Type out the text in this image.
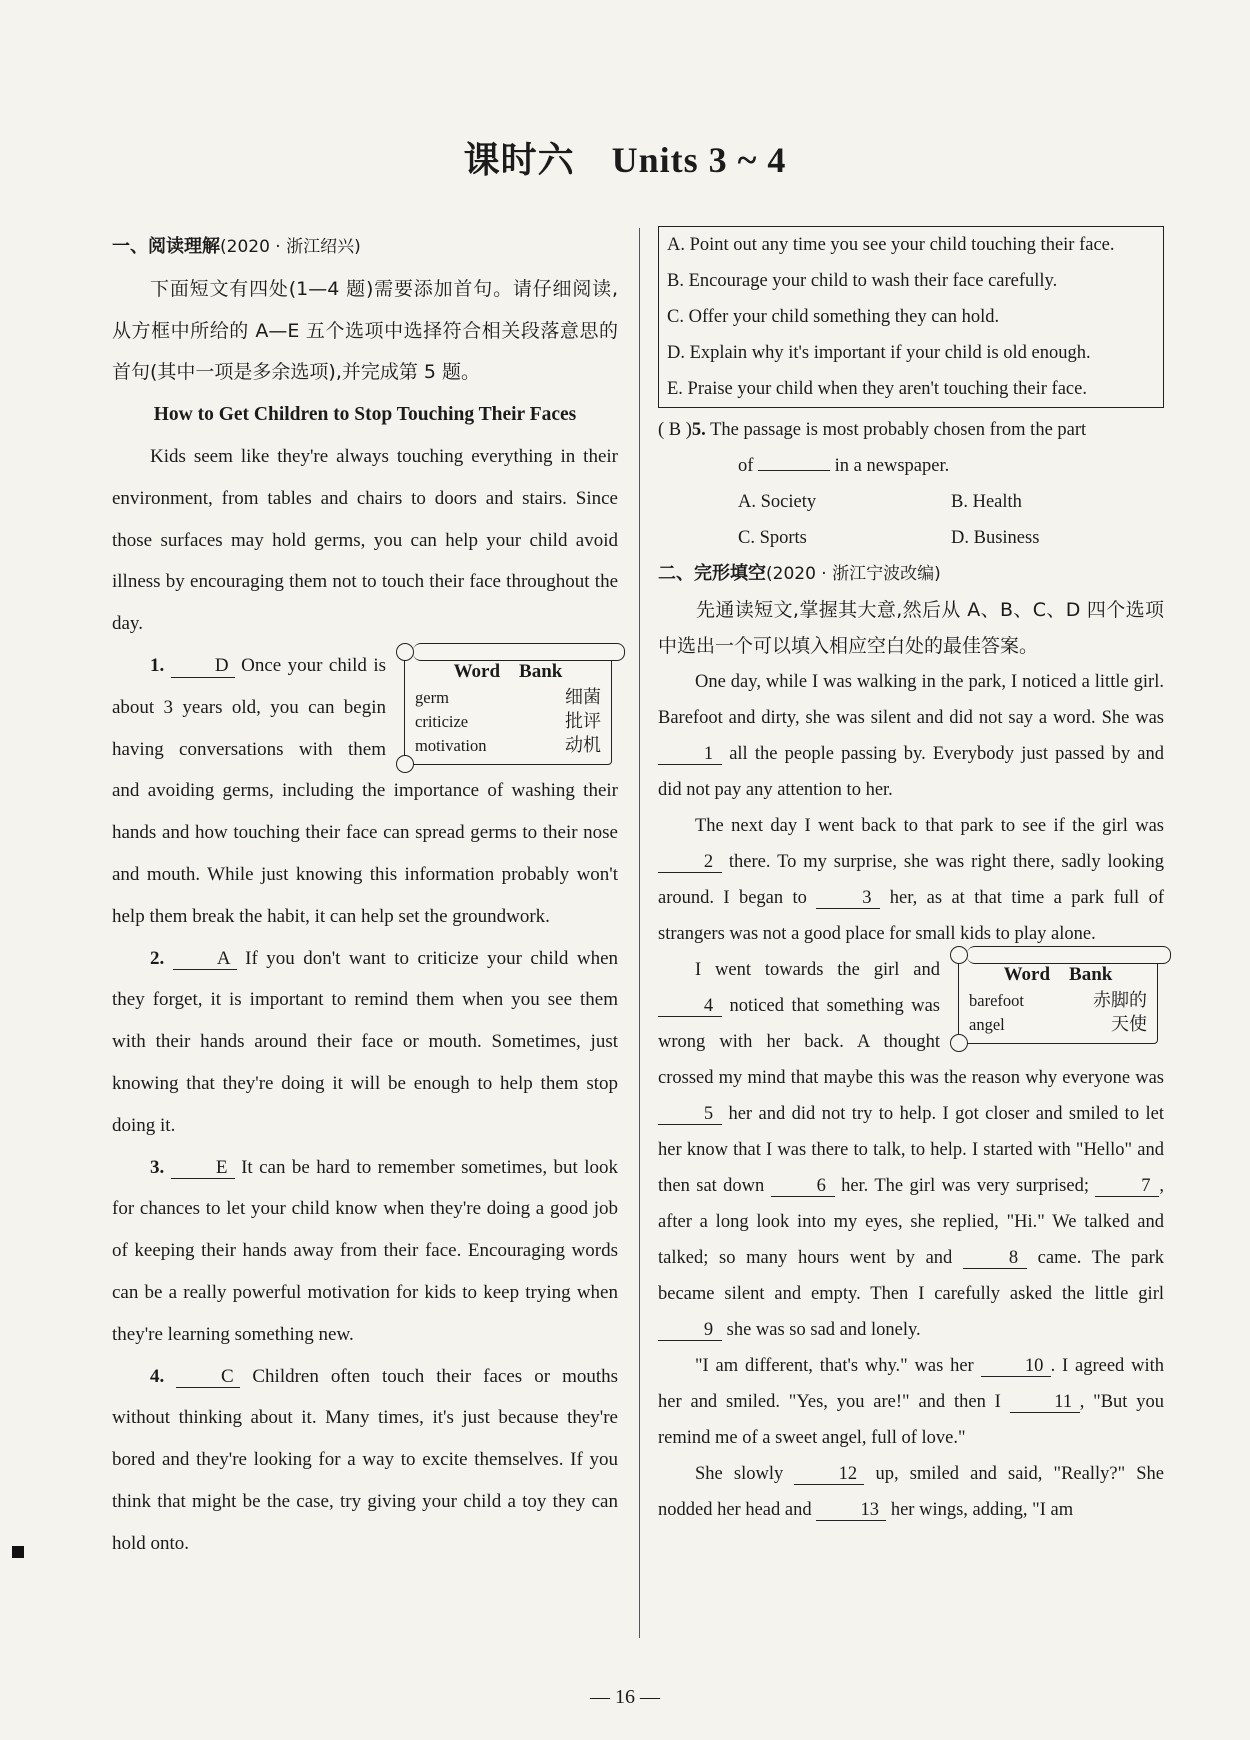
课时六　Units 3 ~ 4

一、阅读理解(2020 · 浙江绍兴)

下面短文有四处(1—4 题)需要添加首句。请仔细阅读,从方框中所给的 A—E 五个选项中选择符合相关段落意思的首句(其中一项是多余选项),并完成第 5 题。

How to Get Children to Stop Touching Their Faces

Kids seem like they're always touching everything in their environment, from tables and chairs to doors and stairs. Since those surfaces may hold germs, you can help your child avoid illness by encouraging them not to touch their face throughout the day.

Word　Bank
germ	细菌
criticize	批评
motivation	动机

1.	D Once your child is about 3 years old, you can begin having conversations with them and avoiding germs, including the importance of washing their hands and how touching their face can spread germs to their nose and mouth. While just knowing this information probably won't help them break the habit, it can help set the groundwork.

2.	A If you don't want to criticize your child when they forget, it is important to remind them when you see them with their hands around their face or mouth. Sometimes, just knowing that they're doing it will be enough to help them stop doing it.

3.	E It can be hard to remember sometimes, but look for chances to let your child know when they're doing a good job of keeping their hands away from their face. Encouraging words can be a really powerful motivation for kids to keep trying when they're learning something new.

4.	C Children often touch their faces or mouths without thinking about it. Many times, it's just because they're bored and they're looking for a way to excite themselves. If you think that might be the case, try giving your child a toy they can hold onto.

A. Point out any time you see your child touching their face.

B. Encourage your child to wash their face carefully.

C. Offer your child something they can hold.

D. Explain why it's important if your child is old enough.

E. Praise your child when they aren't touching their face.

( B )5. The passage is most probably chosen from the part

of	in a newspaper.

A. Society	B. Health
C. Sports	D. Business

二、完形填空(2020 · 浙江宁波改编)

先通读短文,掌握其大意,然后从 A、B、C、D 四个选项中选出一个可以填入相应空白处的最佳答案。

One day, while I was walking in the park, I noticed a little girl. Barefoot and dirty, she was silent and did not say a word. She was 1 all the people passing by. Everybody just passed by and did not pay any attention to her.

The next day I went back to that park to see if the girl was 2 there. To my surprise, she was right there, sadly looking around. I began to	3 her, as at that time a park full of strangers was not a good place for small kids to play alone.

Word　Bank
barefoot	赤脚的
angel	天使

I went towards the girl and 4 noticed that something was wrong with her back. A thought crossed my mind that maybe this was the reason why everyone was 5 her and did not try to help. I got closer and smiled to let her know that I was there to talk, to help. I started with "Hello" and then sat down	6 her. The girl was very surprised;	7 , after a long look into my eyes, she replied, "Hi." We talked and talked; so many hours went by and	8 came. The park became silent and empty. Then I carefully asked the little girl 9 she was so sad and lonely.

"I am different, that's why." was her	10 . I agreed with her and smiled. "Yes, you are!" and then I	11 , "But you remind me of a sweet angel, full of love."

She slowly	12 up, smiled and said, "Really?" She nodded her head and	13 her wings, adding, "I am

— 16 —
